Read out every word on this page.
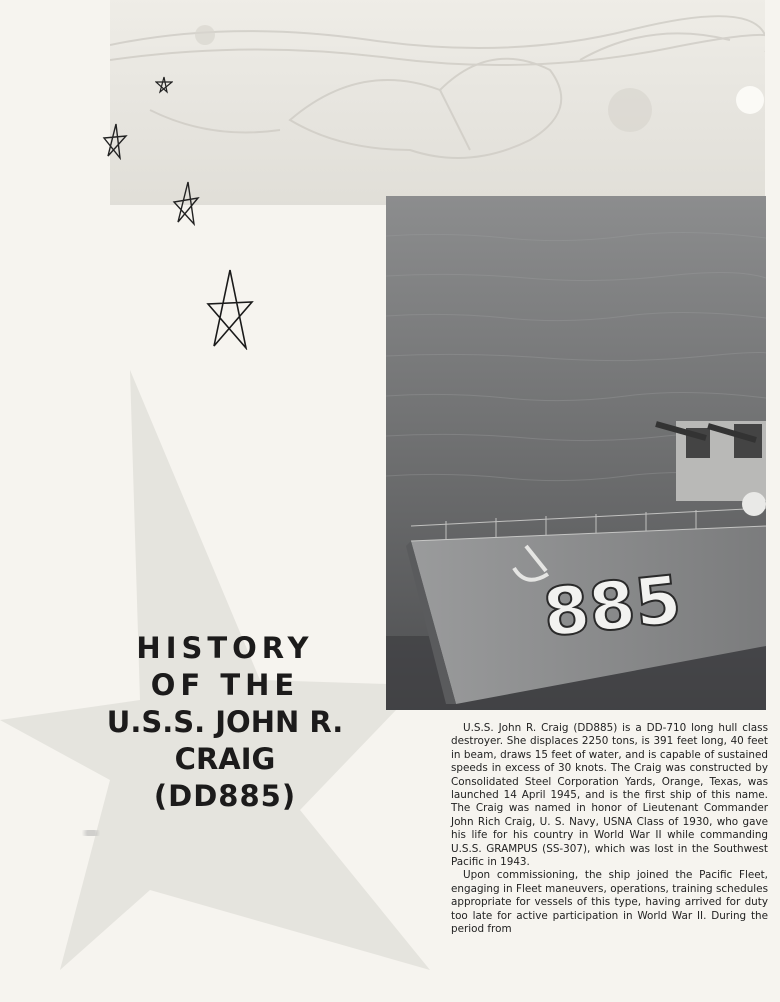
885
HISTORY
OF THE
U.S.S. JOHN R. CRAIG
(DD885)

U.S.S. John R. Craig (DD885) is a DD-710 long hull class destroyer. She displaces 2250 tons, is 391 feet long, 40 feet in beam, draws 15 feet of water, and is capable of sustained speeds in excess of 30 knots. The Craig was constructed by Consolidated Steel Corporation Yards, Orange, Texas, was launched 14 April 1945, and is the first ship of this name. The Craig was named in honor of Lieutenant Commander John Rich Craig, U. S. Navy, USNA Class of 1930, who gave his life for his country in World War II while commanding U.S.S. GRAMPUS (SS-307), which was lost in the Southwest Pacific in 1943.

Upon commissioning, the ship joined the Pacific Fleet, engaging in Fleet maneuvers, operations, training schedules appropriate for vessels of this type, having arrived for duty too late for active participation in World War II. During the period from
